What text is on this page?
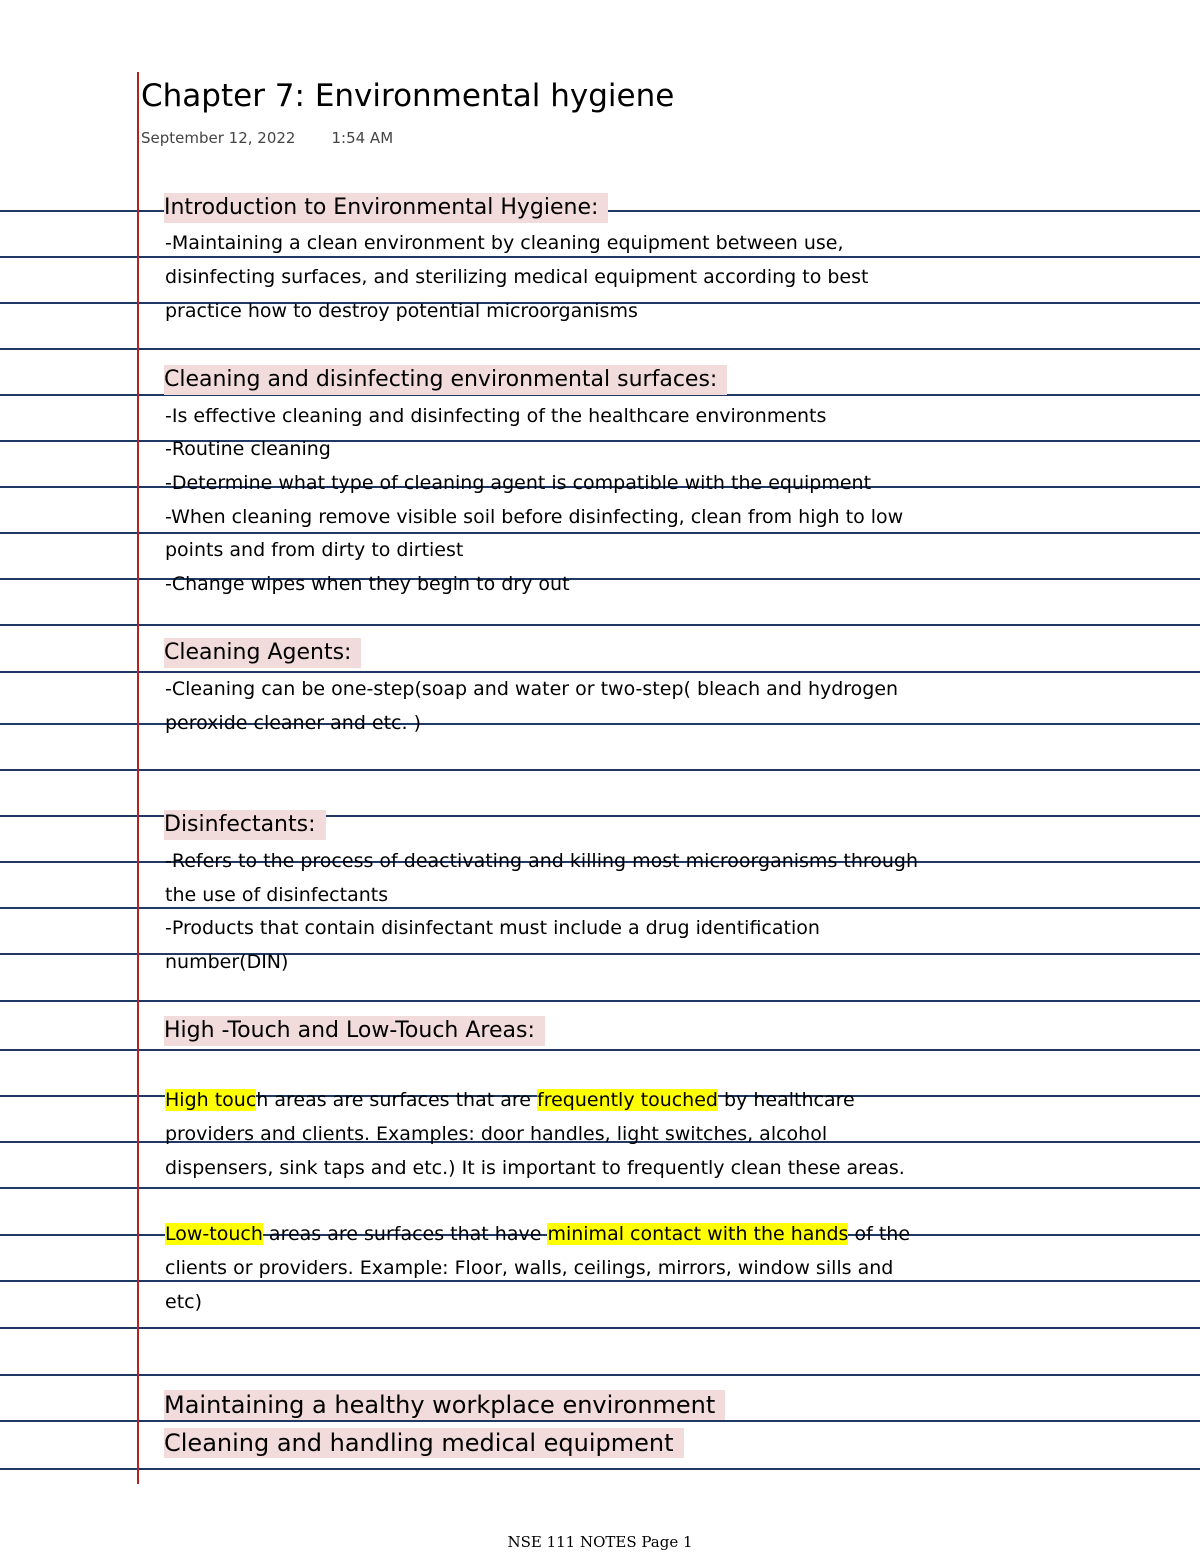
Chapter 7: Environmental hygiene
September 12, 2022 1:54 AM
Introduction to Environmental Hygiene:
-Maintaining a clean environment by cleaning equipment between use,
disinfecting surfaces, and sterilizing medical equipment according to best
practice how to destroy potential microorganisms
Cleaning and disinfecting environmental surfaces:
-Is effective cleaning and disinfecting of the healthcare environments
-Routine cleaning
-Determine what type of cleaning agent is compatible with the equipment
-When cleaning remove visible soil before disinfecting, clean from high to low
points and from dirty to dirtiest
-Change wipes when they begin to dry out
Cleaning Agents:
-Cleaning can be one-step(soap and water or two-step( bleach and hydrogen
peroxide cleaner and etc. )
Disinfectants:
-Refers to the process of deactivating and killing most microorganisms through
the use of disinfectants
-Products that contain disinfectant must include a drug identification
number(DIN)
High -Touch and Low-Touch Areas:
High touch areas are surfaces that are frequently touched by healthcare
providers and clients. Examples: door handles, light switches, alcohol
dispensers, sink taps and etc.) It is important to frequently clean these areas.
Low-touch areas are surfaces that have minimal contact with the hands of the
clients or providers. Example: Floor, walls, ceilings, mirrors, window sills and
etc)
Maintaining a healthy workplace environment
Cleaning and handling medical equipment
NSE 111 NOTES Page 1
